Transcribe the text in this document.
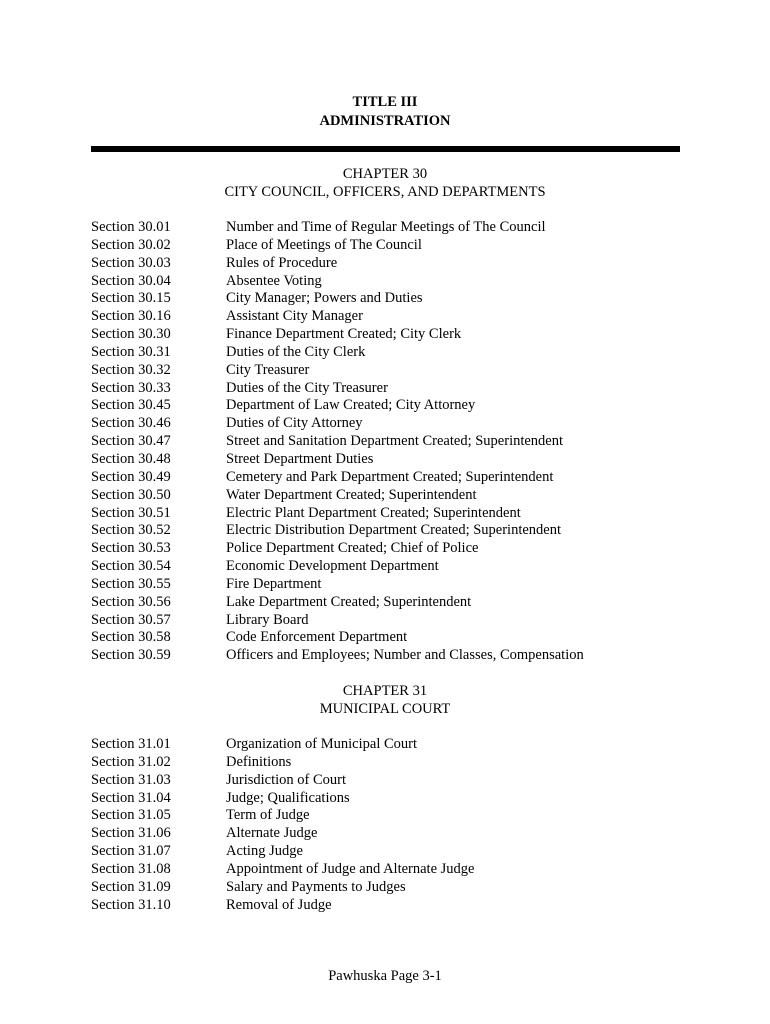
TITLE III
ADMINISTRATION
CHAPTER 30
CITY COUNCIL, OFFICERS, AND DEPARTMENTS
Section 30.01	Number and Time of Regular Meetings of The Council
Section 30.02	Place of Meetings of The Council
Section 30.03	Rules of Procedure
Section 30.04	Absentee Voting
Section 30.15	City Manager; Powers and Duties
Section 30.16	Assistant City Manager
Section 30.30	Finance Department Created; City Clerk
Section 30.31	Duties of the City Clerk
Section 30.32	City Treasurer
Section 30.33	Duties of the City Treasurer
Section 30.45	Department of Law Created; City Attorney
Section 30.46	Duties of City Attorney
Section 30.47	Street and Sanitation Department Created; Superintendent
Section 30.48	Street Department Duties
Section 30.49	Cemetery and Park Department Created; Superintendent
Section 30.50	Water Department Created; Superintendent
Section 30.51	Electric Plant Department Created; Superintendent
Section 30.52	Electric Distribution Department Created; Superintendent
Section 30.53	Police Department Created; Chief of Police
Section 30.54	Economic Development Department
Section 30.55	Fire Department
Section 30.56	Lake Department Created; Superintendent
Section 30.57	Library Board
Section 30.58	Code Enforcement Department
Section 30.59	Officers and Employees; Number and Classes, Compensation
CHAPTER 31
MUNICIPAL COURT
Section 31.01	Organization of Municipal Court
Section 31.02	Definitions
Section 31.03	Jurisdiction of Court
Section 31.04	Judge; Qualifications
Section 31.05	Term of Judge
Section 31.06	Alternate Judge
Section 31.07	Acting Judge
Section 31.08	Appointment of Judge and Alternate Judge
Section 31.09	Salary and Payments to Judges
Section 31.10	Removal of Judge
Pawhuska Page 3-1
